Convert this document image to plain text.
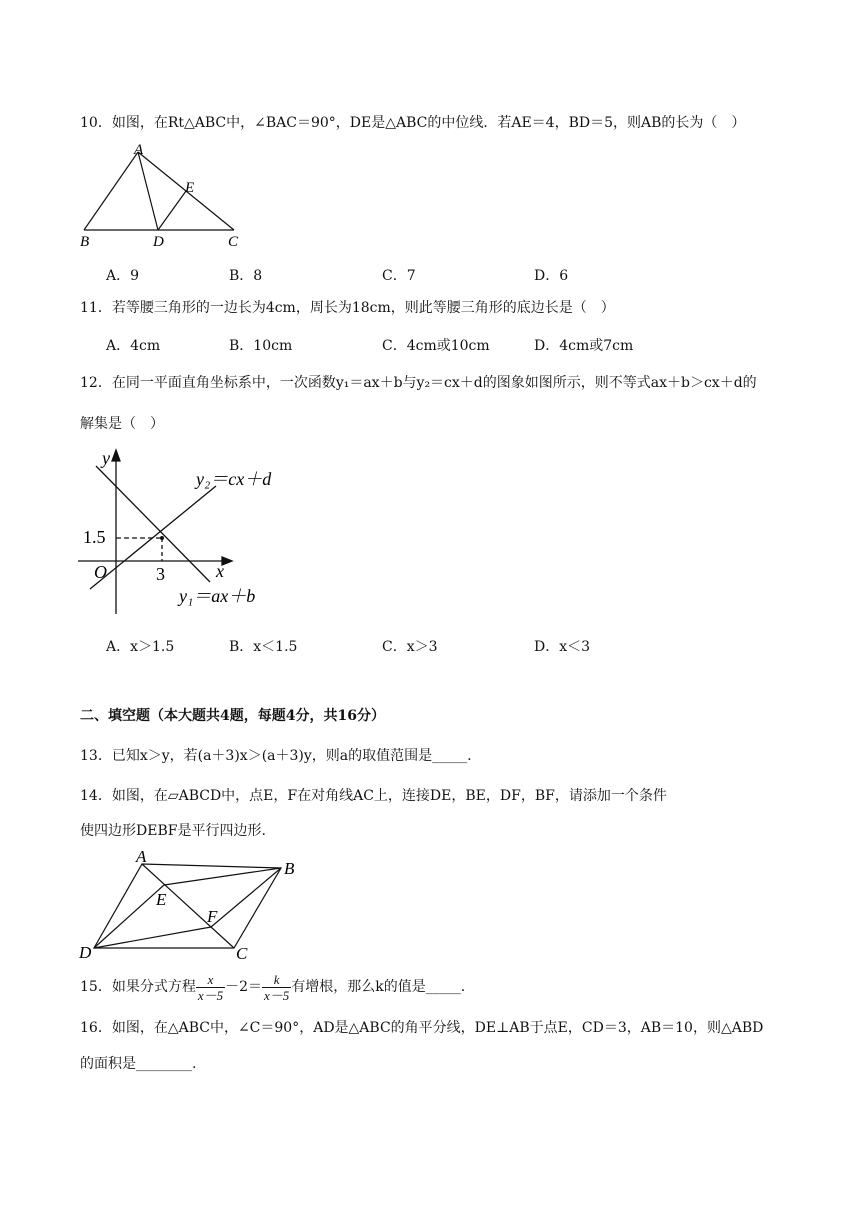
10．如图，在Rt△ABC中，∠BAC＝90°，DE是△ABC的中位线．若AE＝4，BD＝5，则AB的长为（　）
A
E
B	D	C
A．9	B．8	C．7	D．6
11．若等腰三角形的一边长为4cm，周长为18cm，则此等腰三角形的底边长是（　）
A．4cm	B．10cm	C．4cm或10cm	D．4cm或7cm
12．在同一平面直角坐标系中，一次函数y₁＝ax＋b与y₂＝cx＋d的图象如图所示，则不等式ax＋b＞cx＋d的
解集是（　）
y
x
O
1.5
3
y₂＝cx＋d
y₁＝ax＋b
A．x＞1.5	B．x＜1.5	C．x＞3	D．x＜3
二、填空题（本大题共4题，每题4分，共16分）
13．已知x＞y，若(a＋3)x＞(a＋3)y，则a的取值范围是_____.
14．如图，在▱ABCD中，点E，F在对角线AC上，连接DE，BE，DF，BF，请添加一个条件
使四边形DEBF是平行四边形.
A
B
E
F
D	C
15．如果分式方程 $\frac{x}{x-5} -2= \frac{k}{x-5}$ 有增根，那么k的值是_____.
16．如图，在△ABC中，∠C＝90°，AD是△ABC的角平分线，DE⊥AB于点E，CD＝3，AB＝10，则△ABD
的面积是________.
